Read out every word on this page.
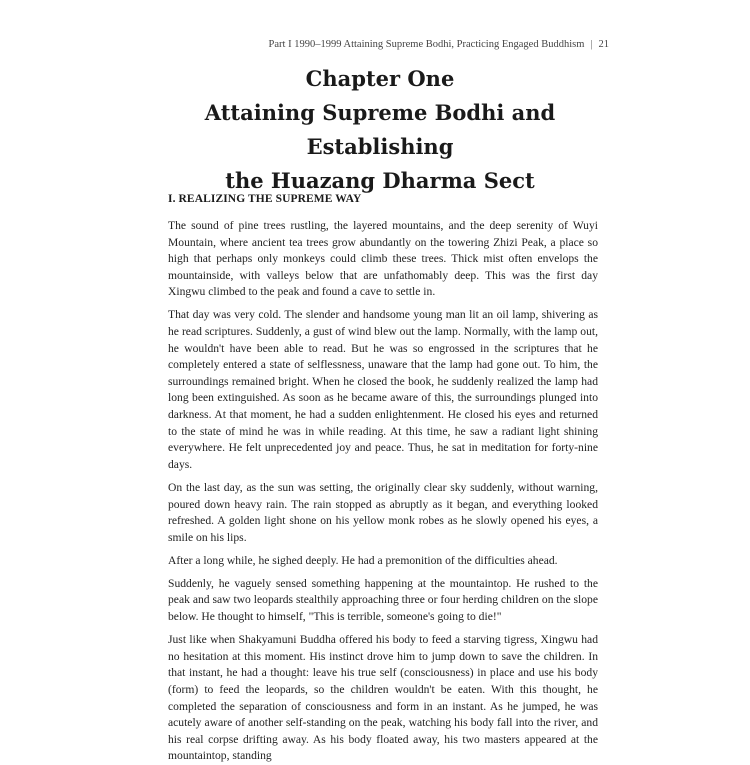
Part I 1990–1999 Attaining Supreme Bodhi, Practicing Engaged Buddhism | 21
Chapter One
Attaining Supreme Bodhi and Establishing
the Huazang Dharma Sect
I. REALIZING THE SUPREME WAY

The sound of pine trees rustling, the layered mountains, and the deep serenity of Wuyi Mountain, where ancient tea trees grow abundantly on the towering Zhizi Peak, a place so high that perhaps only monkeys could climb these trees. Thick mist often envelops the mountainside, with valleys below that are unfathomably deep. This was the first day Xingwu climbed to the peak and found a cave to settle in.

That day was very cold. The slender and handsome young man lit an oil lamp, shivering as he read scriptures. Suddenly, a gust of wind blew out the lamp. Normally, with the lamp out, he wouldn't have been able to read. But he was so engrossed in the scriptures that he completely entered a state of selflessness, unaware that the lamp had gone out. To him, the surroundings remained bright. When he closed the book, he suddenly realized the lamp had long been extinguished. As soon as he became aware of this, the surroundings plunged into darkness. At that moment, he had a sudden enlightenment. He closed his eyes and returned to the state of mind he was in while reading. At this time, he saw a radiant light shining everywhere. He felt unprecedented joy and peace. Thus, he sat in meditation for forty-nine days.

On the last day, as the sun was setting, the originally clear sky suddenly, without warning, poured down heavy rain. The rain stopped as abruptly as it began, and everything looked refreshed. A golden light shone on his yellow monk robes as he slowly opened his eyes, a smile on his lips.

After a long while, he sighed deeply. He had a premonition of the difficulties ahead.

Suddenly, he vaguely sensed something happening at the mountaintop. He rushed to the peak and saw two leopards stealthily approaching three or four herding children on the slope below. He thought to himself, "This is terrible, someone's going to die!"

Just like when Shakyamuni Buddha offered his body to feed a starving tigress, Xingwu had no hesitation at this moment. His instinct drove him to jump down to save the children. In that instant, he had a thought: leave his true self (consciousness) in place and use his body (form) to feed the leopards, so the children wouldn't be eaten. With this thought, he completed the separation of consciousness and form in an instant. As he jumped, he was acutely aware of another self-standing on the peak, watching his body fall into the river, and his real corpse drifting away. As his body floated away, his two masters appeared at the mountaintop, standing
